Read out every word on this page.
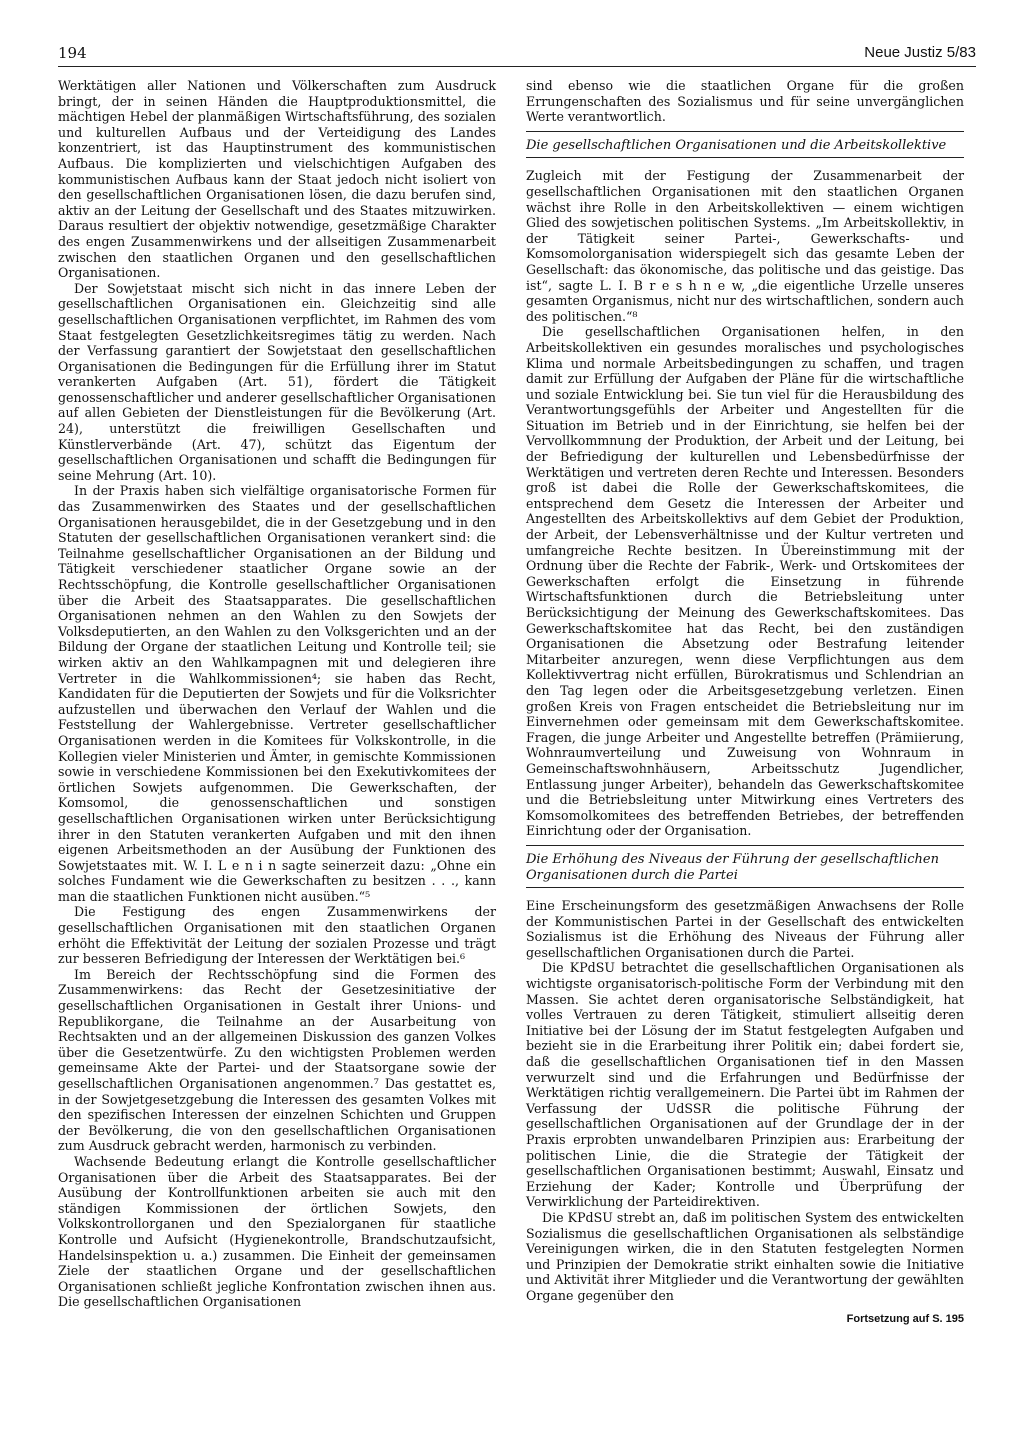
194	Neue Justiz 5/83

Werktätigen aller Nationen und Völkerschaften zum Ausdruck bringt, der in seinen Händen die Hauptproduktionsmittel, die mächtigen Hebel der planmäßigen Wirtschaftsführung, des sozialen und kulturellen Aufbaus und der Verteidigung des Landes konzentriert, ist das Hauptinstrument des kommunistischen Aufbaus. Die komplizierten und vielschichtigen Aufgaben des kommunistischen Aufbaus kann der Staat jedoch nicht isoliert von den gesellschaftlichen Organisationen lösen, die dazu berufen sind, aktiv an der Leitung der Gesellschaft und des Staates mitzuwirken. Daraus resultiert der objektiv notwendige, gesetzmäßige Charakter des engen Zusammenwirkens und der allseitigen Zusammenarbeit zwischen den staatlichen Organen und den gesellschaftlichen Organisationen.

Der Sowjetstaat mischt sich nicht in das innere Leben der gesellschaftlichen Organisationen ein. Gleichzeitig sind alle gesellschaftlichen Organisationen verpflichtet, im Rahmen des vom Staat festgelegten Gesetzlichkeitsregimes tätig zu werden. Nach der Verfassung garantiert der Sowjetstaat den gesellschaftlichen Organisationen die Bedingungen für die Erfüllung ihrer im Statut verankerten Aufgaben (Art. 51), fördert die Tätigkeit genossenschaftlicher und anderer gesellschaftlicher Organisationen auf allen Gebieten der Dienstleistungen für die Bevölkerung (Art. 24), unterstützt die freiwilligen Gesellschaften und Künstlerverbände (Art. 47), schützt das Eigentum der gesellschaftlichen Organisationen und schafft die Bedingungen für seine Mehrung (Art. 10).

In der Praxis haben sich vielfältige organisatorische Formen für das Zusammenwirken des Staates und der gesellschaftlichen Organisationen herausgebildet, die in der Gesetzgebung und in den Statuten der gesellschaftlichen Organisationen verankert sind: die Teilnahme gesellschaftlicher Organisationen an der Bildung und Tätigkeit verschiedener staatlicher Organe sowie an der Rechtsschöpfung, die Kontrolle gesellschaftlicher Organisationen über die Arbeit des Staatsapparates. Die gesellschaftlichen Organisationen nehmen an den Wahlen zu den Sowjets der Volksdeputierten, an den Wahlen zu den Volksgerichten und an der Bildung der Organe der staatlichen Leitung und Kontrolle teil; sie wirken aktiv an den Wahlkampagnen mit und delegieren ihre Vertreter in die Wahlkommissionen⁴; sie haben das Recht, Kandidaten für die Deputierten der Sowjets und für die Volksrichter aufzustellen und überwachen den Verlauf der Wahlen und die Feststellung der Wahlergebnisse. Vertreter gesellschaftlicher Organisationen werden in die Komitees für Volkskontrolle, in die Kollegien vieler Ministerien und Ämter, in gemischte Kommissionen sowie in verschiedene Kommissionen bei den Exekutivkomitees der örtlichen Sowjets aufgenommen. Die Gewerkschaften, der Komsomol, die genossenschaftlichen und sonstigen gesellschaftlichen Organisationen wirken unter Berücksichtigung ihrer in den Statuten verankerten Aufgaben und mit den ihnen eigenen Arbeitsmethoden an der Ausübung der Funktionen des Sowjetstaates mit. W. I. L e n i n sagte seinerzeit dazu: „Ohne ein solches Fundament wie die Gewerkschaften zu besitzen . . ., kann man die staatlichen Funktionen nicht ausüben.“⁵

Die Festigung des engen Zusammenwirkens der gesellschaftlichen Organisationen mit den staatlichen Organen erhöht die Effektivität der Leitung der sozialen Prozesse und trägt zur besseren Befriedigung der Interessen der Werktätigen bei.⁶

Im Bereich der Rechtsschöpfung sind die Formen des Zusammenwirkens: das Recht der Gesetzesinitiative der gesellschaftlichen Organisationen in Gestalt ihrer Unions- und Republikorgane, die Teilnahme an der Ausarbeitung von Rechtsakten und an der allgemeinen Diskussion des ganzen Volkes über die Gesetzentwürfe. Zu den wichtigsten Problemen werden gemeinsame Akte der Partei- und der Staatsorgane sowie der gesellschaftlichen Organisationen angenommen.⁷ Das gestattet es, in der Sowjetgesetzgebung die Interessen des gesamten Volkes mit den spezifischen Interessen der einzelnen Schichten und Gruppen der Bevölkerung, die von den gesellschaftlichen Organisationen zum Ausdruck gebracht werden, harmonisch zu verbinden.

Wachsende Bedeutung erlangt die Kontrolle gesellschaftlicher Organisationen über die Arbeit des Staatsapparates. Bei der Ausübung der Kontrollfunktionen arbeiten sie auch mit den ständigen Kommissionen der örtlichen Sowjets, den Volkskontrollorganen und den Spezialorganen für staatliche Kontrolle und Aufsicht (Hygienekontrolle, Brandschutzaufsicht, Handelsinspektion u. a.) zusammen. Die Einheit der gemeinsamen Ziele der staatlichen Organe und der gesellschaftlichen Organisationen schließt jegliche Konfrontation zwischen ihnen aus. Die gesellschaftlichen Organisationen

sind ebenso wie die staatlichen Organe für die großen Errungenschaften des Sozialismus und für seine unvergänglichen Werte verantwortlich.

Die gesellschaftlichen Organisationen und die Arbeitskollektive

Zugleich mit der Festigung der Zusammenarbeit der gesellschaftlichen Organisationen mit den staatlichen Organen wächst ihre Rolle in den Arbeitskollektiven — einem wichtigen Glied des sowjetischen politischen Systems. „Im Arbeitskollektiv, in der Tätigkeit seiner Partei-, Gewerkschafts- und Komsomolorganisation widerspiegelt sich das gesamte Leben der Gesellschaft: das ökonomische, das politische und das geistige. Das ist“, sagte L. I. B r e s h n e w, „die eigentliche Urzelle unseres gesamten Organismus, nicht nur des wirtschaftlichen, sondern auch des politischen.“⁸

Die gesellschaftlichen Organisationen helfen, in den Arbeitskollektiven ein gesundes moralisches und psychologisches Klima und normale Arbeitsbedingungen zu schaffen, und tragen damit zur Erfüllung der Aufgaben der Pläne für die wirtschaftliche und soziale Entwicklung bei. Sie tun viel für die Herausbildung des Verantwortungsgefühls der Arbeiter und Angestellten für die Situation im Betrieb und in der Einrichtung, sie helfen bei der Vervollkommnung der Produktion, der Arbeit und der Leitung, bei der Befriedigung der kulturellen und Lebensbedürfnisse der Werktätigen und vertreten deren Rechte und Interessen. Besonders groß ist dabei die Rolle der Gewerkschaftskomitees, die entsprechend dem Gesetz die Interessen der Arbeiter und Angestellten des Arbeitskollektivs auf dem Gebiet der Produktion, der Arbeit, der Lebensverhältnisse und der Kultur vertreten und umfangreiche Rechte besitzen. In Übereinstimmung mit der Ordnung über die Rechte der Fabrik-, Werk- und Ortskomitees der Gewerkschaften erfolgt die Einsetzung in führende Wirtschaftsfunktionen durch die Betriebsleitung unter Berücksichtigung der Meinung des Gewerkschaftskomitees. Das Gewerkschaftskomitee hat das Recht, bei den zuständigen Organisationen die Absetzung oder Bestrafung leitender Mitarbeiter anzuregen, wenn diese Verpflichtungen aus dem Kollektivvertrag nicht erfüllen, Bürokratismus und Schlendrian an den Tag legen oder die Arbeitsgesetzgebung verletzen. Einen großen Kreis von Fragen entscheidet die Betriebsleitung nur im Einvernehmen oder gemeinsam mit dem Gewerkschaftskomitee. Fragen, die junge Arbeiter und Angestellte betreffen (Prämiierung, Wohnraumverteilung und Zuweisung von Wohnraum in Gemeinschaftswohnhäusern, Arbeitsschutz Jugendlicher, Entlassung junger Arbeiter), behandeln das Gewerkschaftskomitee und die Betriebsleitung unter Mitwirkung eines Vertreters des Komsomolkomitees des betreffenden Betriebes, der betreffenden Einrichtung oder der Organisation.

Die Erhöhung des Niveaus der Führung der gesellschaftlichen Organisationen durch die Partei

Eine Erscheinungsform des gesetzmäßigen Anwachsens der Rolle der Kommunistischen Partei in der Gesellschaft des entwickelten Sozialismus ist die Erhöhung des Niveaus der Führung aller gesellschaftlichen Organisationen durch die Partei.

Die KPdSU betrachtet die gesellschaftlichen Organisationen als wichtigste organisatorisch-politische Form der Verbindung mit den Massen. Sie achtet deren organisatorische Selbständigkeit, hat volles Vertrauen zu deren Tätigkeit, stimuliert allseitig deren Initiative bei der Lösung der im Statut festgelegten Aufgaben und bezieht sie in die Erarbeitung ihrer Politik ein; dabei fordert sie, daß die gesellschaftlichen Organisationen tief in den Massen verwurzelt sind und die Erfahrungen und Bedürfnisse der Werktätigen richtig verallgemeinern. Die Partei übt im Rahmen der Verfassung der UdSSR die politische Führung der gesellschaftlichen Organisationen auf der Grundlage der in der Praxis erprobten unwandelbaren Prinzipien aus: Erarbeitung der politischen Linie, die die Strategie der Tätigkeit der gesellschaftlichen Organisationen bestimmt; Auswahl, Einsatz und Erziehung der Kader; Kontrolle und Überprüfung der Verwirklichung der Parteidirektiven.

Die KPdSU strebt an, daß im politischen System des entwickelten Sozialismus die gesellschaftlichen Organisationen als selbständige Vereinigungen wirken, die in den Statuten festgelegten Normen und Prinzipien der Demokratie strikt einhalten sowie die Initiative und Aktivität ihrer Mitglieder und die Verantwortung der gewählten Organe gegenüber den

Fortsetzung auf S. 195
